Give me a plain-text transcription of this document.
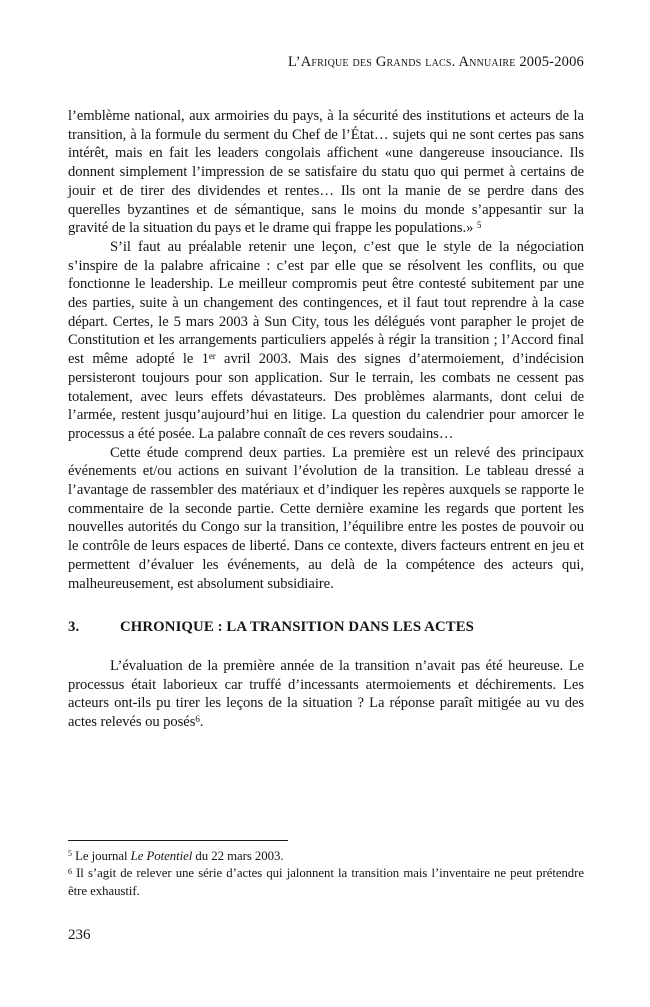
L’Afrique des Grands lacs. Annuaire 2005-2006

l’emblème national, aux armoiries du pays, à la sécurité des institutions et acteurs de la transition, à la formule du serment du Chef de l’État… sujets qui ne sont certes pas sans intérêt, mais en fait les leaders congolais affichent «une dangereuse insouciance. Ils donnent simplement l’impression de se satisfaire du statu quo qui permet à certains de jouir et de tirer des dividendes et rentes… Ils ont la manie de se perdre dans des querelles byzantines et de sémantique, sans le moins du monde s’appesantir sur la gravité de la situation du pays et le drame qui frappe les populations.» $^5$

S’il faut au préalable retenir une leçon, c’est que le style de la négociation s’inspire de la palabre africaine : c’est par elle que se résolvent les conflits, ou que fonctionne le leadership. Le meilleur compromis peut être contesté subitement par une des parties, suite à un changement des contingences, et il faut tout reprendre à la case départ. Certes, le 5 mars 2003 à Sun City, tous les délégués vont parapher le projet de Constitution et les arrangements particuliers appelés à régir la transition ; l’Accord final est même adopté le 1er avril 2003. Mais des signes d’atermoiement, d’indécision persisteront toujours pour son application. Sur le terrain, les combats ne cessent pas totalement, avec leurs effets dévastateurs. Des problèmes alarmants, dont celui de l’armée, restent jusqu’aujourd’hui en litige. La question du calendrier pour amorcer le processus a été posée. La palabre connaît de ces revers soudains…

Cette étude comprend deux parties. La première est un relevé des principaux événements et/ou actions en suivant l’évolution de la transition. Le tableau dressé a l’avantage de rassembler des matériaux et d’indiquer les repères auxquels se rapporte le commentaire de la seconde partie. Cette dernière examine les regards que portent les nouvelles autorités du Congo sur la transition, l’équilibre entre les postes de pouvoir ou le contrôle de leurs espaces de liberté. Dans ce contexte, divers facteurs entrent en jeu et permettent d’évaluer les événements, au delà de la compétence des acteurs qui, malheureusement, est absolument subsidiaire.

3.	CHRONIQUE : LA TRANSITION DANS LES ACTES

L’évaluation de la première année de la transition n’avait pas été heureuse. Le processus était laborieux car truffé d’incessants atermoiements et déchirements. Les acteurs ont-ils pu tirer les leçons de la situation ? La réponse paraît mitigée au vu des actes relevés ou posés$^6$.

$^5$ Le journal Le Potentiel du 22 mars 2003.

$^6$ Il s’agit de relever une série d’actes qui jalonnent la transition mais l’inventaire ne peut prétendre être exhaustif.

236
